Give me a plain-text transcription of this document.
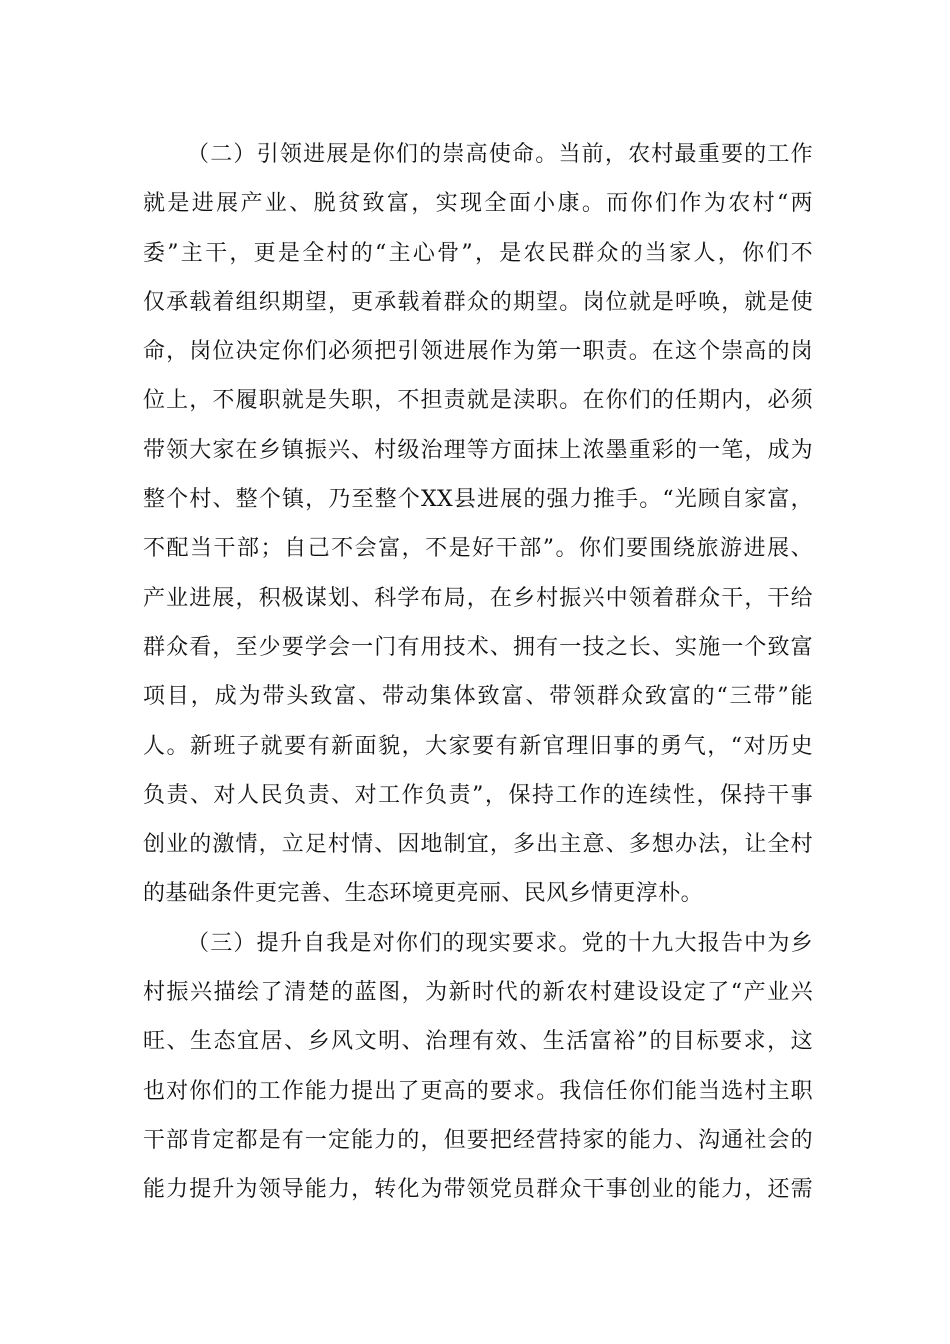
（二）引领进展是你们的崇高使命。当前，农村最重要的工作
就是进展产业、脱贫致富，实现全面小康。而你们作为农村“两
委”主干，更是全村的“主心骨”，是农民群众的当家人，你们不
仅承载着组织期望，更承载着群众的期望。岗位就是呼唤，就是使
命，岗位决定你们必须把引领进展作为第一职责。在这个崇高的岗
位上，不履职就是失职，不担责就是渎职。在你们的任期内，必须
带领大家在乡镇振兴、村级治理等方面抹上浓墨重彩的一笔，成为
整个村、整个镇，乃至整个XX县进展的强力推手。“光顾自家富，
不配当干部；自己不会富，不是好干部”。你们要围绕旅游进展、
产业进展，积极谋划、科学布局，在乡村振兴中领着群众干，干给
群众看，至少要学会一门有用技术、拥有一技之长、实施一个致富
项目，成为带头致富、带动集体致富、带领群众致富的“三带”能
人。新班子就要有新面貌，大家要有新官理旧事的勇气，“对历史
负责、对人民负责、对工作负责”，保持工作的连续性，保持干事
创业的激情，立足村情、因地制宜，多出主意、多想办法，让全村
的基础条件更完善、生态环境更亮丽、民风乡情更淳朴。
（三）提升自我是对你们的现实要求。党的十九大报告中为乡
村振兴描绘了清楚的蓝图，为新时代的新农村建设设定了“产业兴
旺、生态宜居、乡风文明、治理有效、生活富裕”的目标要求，这
也对你们的工作能力提出了更高的要求。我信任你们能当选村主职
干部肯定都是有一定能力的，但要把经营持家的能力、沟通社会的
能力提升为领导能力，转化为带领党员群众干事创业的能力，还需
